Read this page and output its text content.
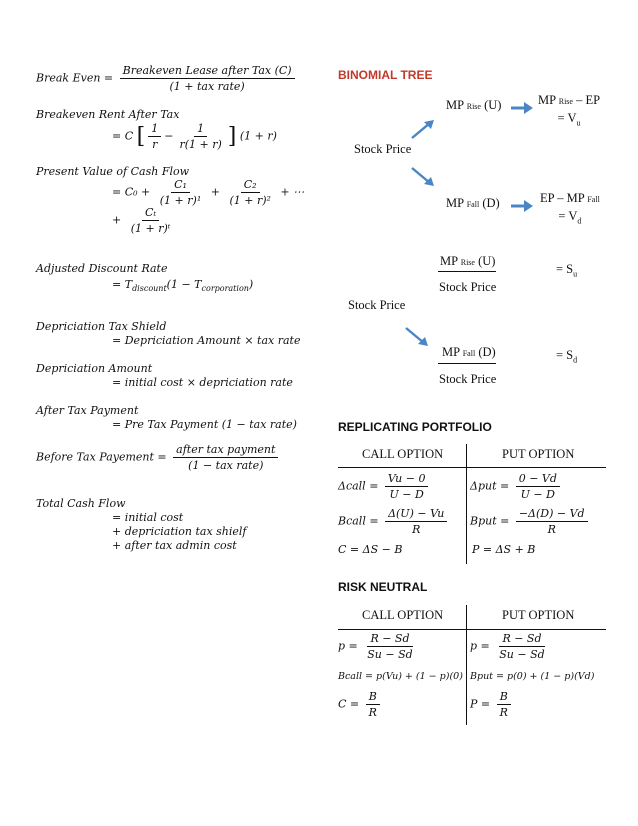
Break Even = $\frac{\text{Breakeven Lease after Tax (C)}}{\text{(1 + tax rate)}}$
Breakeven Rent After Tax
= C [ $\frac{1}{r} - \frac{1}{r(1 + r)}$ ] (1 + r)
Present Value of Cash Flow
= $C_0 + \frac{\text{C₁}}{\text{(1 + r)¹}} + \frac{\text{C₂}}{\text{(1 + r)²}}$ + ⋯
+ $\frac{\text{Cₜ}}{\text{(1 + r)ᵗ}}$
Adjusted Discount Rate
= $T_{discount}(1 - T_{corporation})$
Depriciation Tax Shield
= Depriciation Amount × tax rate
Depriciation Amount
= initial cost × depriciation rate
After Tax Payment
= Pre Tax Payment (1 − tax rate)
Before Tax Payement = $\frac{\text{after tax payment}}{\text{(1 − tax rate)}}$
Total Cash Flow
= initial cost
+ depriciation tax shielf
+ after tax admin cost
BINOMIAL TREE
Stock Price
MP Rise (U)	MP Rise – EP
= $V_u$
MP Fall (D)	EP – MP Fall
= $V_d$
Stock Price
MP Rise (U)
Stock Price
= $S_u$
MP Fall (D)
Stock Price
= $S_d$
REPLICATING PORTFOLIO
CALL OPTION	PUT OPTION
Δcall = $\frac{Vu - 0}{U - D}$	$\Delta put = \frac{0 - Vd}{U - D}$
Bcall = $\frac{\Delta(U) - Vu}{R}$ Bput = $\frac{-\Delta(D) - Vd}{R}$
C = ΔS − B	P = ΔS + B
RISK NEUTRAL
CALL OPTION	PUT OPTION
$p = \frac{R - Sd}{Su - Sd}$	$p = \frac{R - Sd}{Su - Sd}$
Bcall = p(Vu) + (1 − p)(0) Bput = p(0) + (1 − p)(Vd)
$C = \frac{B}{R}$	$P = \frac{B}{R}$
